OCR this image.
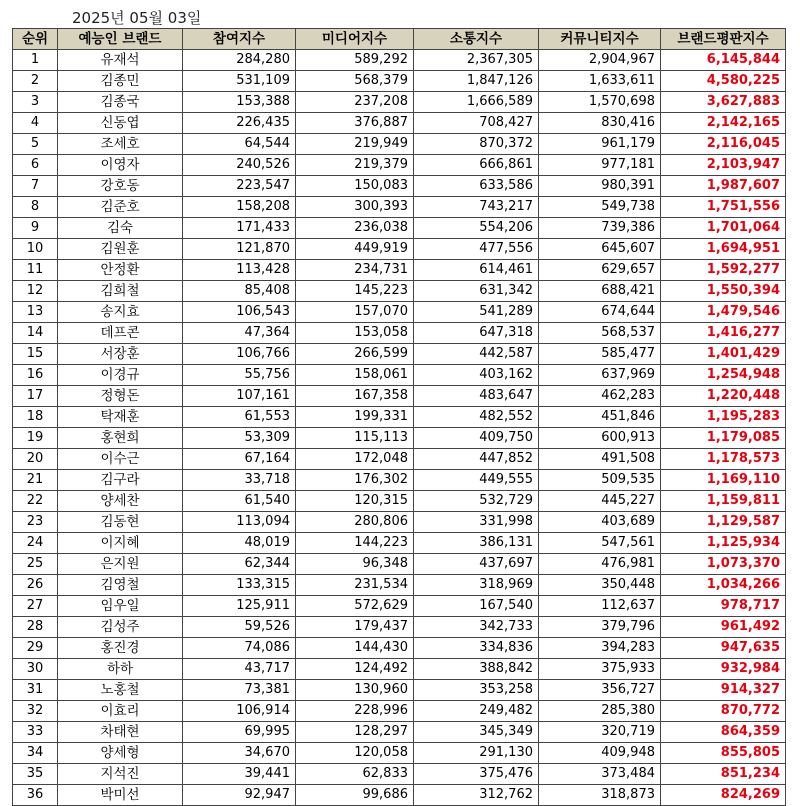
2025년 05월 03일
순위	예능인 브랜드	참여지수	미디어지수	소통지수	커뮤니티지수	브랜드평판지수
1	유재석	284,280	589,292	2,367,305	2,904,967	6,145,844
2	김종민	531,109	568,379	1,847,126	1,633,611	4,580,225
3	김종국	153,388	237,208	1,666,589	1,570,698	3,627,883
4	신동엽	226,435	376,887	708,427	830,416	2,142,165
5	조세호	64,544	219,949	870,372	961,179	2,116,045
6	이영자	240,526	219,379	666,861	977,181	2,103,947
7	강호동	223,547	150,083	633,586	980,391	1,987,607
8	김준호	158,208	300,393	743,217	549,738	1,751,556
9	김숙	171,433	236,038	554,206	739,386	1,701,064
10	김원훈	121,870	449,919	477,556	645,607	1,694,951
11	안정환	113,428	234,731	614,461	629,657	1,592,277
12	김희철	85,408	145,223	631,342	688,421	1,550,394
13	송지효	106,543	157,070	541,289	674,644	1,479,546
14	데프콘	47,364	153,058	647,318	568,537	1,416,277
15	서장훈	106,766	266,599	442,587	585,477	1,401,429
16	이경규	55,756	158,061	403,162	637,969	1,254,948
17	정형돈	107,161	167,358	483,647	462,283	1,220,448
18	탁재훈	61,553	199,331	482,552	451,846	1,195,283
19	홍현희	53,309	115,113	409,750	600,913	1,179,085
20	이수근	67,164	172,048	447,852	491,508	1,178,573
21	김구라	33,718	176,302	449,555	509,535	1,169,110
22	양세찬	61,540	120,315	532,729	445,227	1,159,811
23	김동현	113,094	280,806	331,998	403,689	1,129,587
24	이지혜	48,019	144,223	386,131	547,561	1,125,934
25	은지원	62,344	96,348	437,697	476,981	1,073,370
26	김영철	133,315	231,534	318,969	350,448	1,034,266
27	임우일	125,911	572,629	167,540	112,637	978,717
28	김성주	59,526	179,437	342,733	379,796	961,492
29	홍진경	74,086	144,430	334,836	394,283	947,635
30	하하	43,717	124,492	388,842	375,933	932,984
31	노홍철	73,381	130,960	353,258	356,727	914,327
32	이효리	106,914	228,996	249,482	285,380	870,772
33	차태현	69,995	128,297	345,349	320,719	864,359
34	양세형	34,670	120,058	291,130	409,948	855,805
35	지석진	39,441	62,833	375,476	373,484	851,234
36	박미선	92,947	99,686	312,762	318,873	824,269
